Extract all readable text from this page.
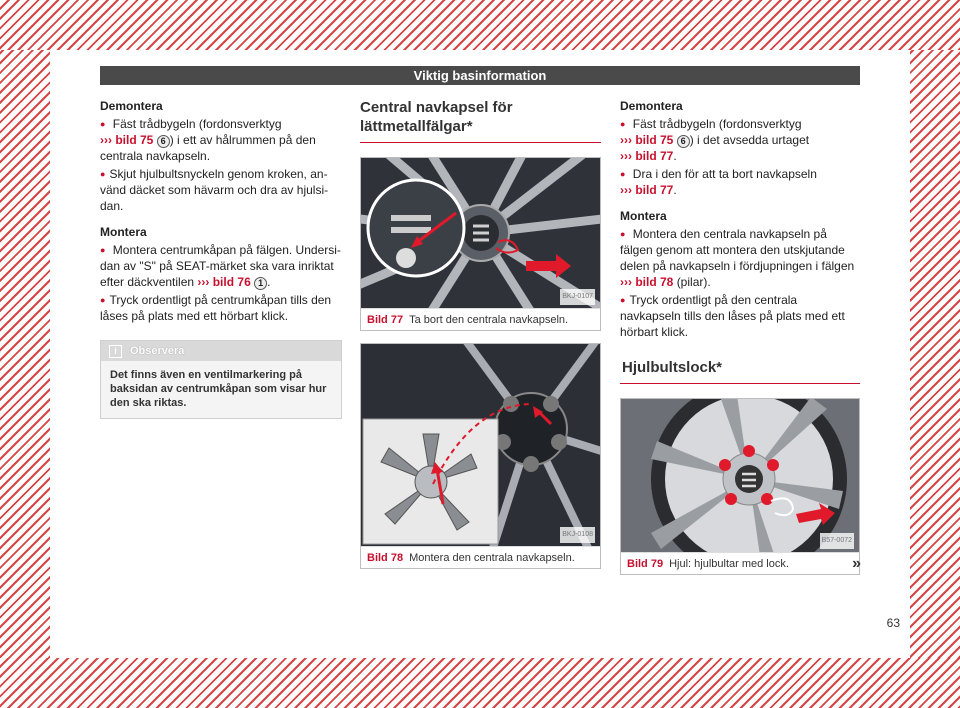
Viktig basinformation
Demontera
● Fäst trådbygeln (fordonsverktyg
››› bild 75 6 ) i ett av hålrummen på den centrala navkapseln.
● Skjut hjulbultsnyckeln genom kroken, använd däcket som hävarm och dra av hjulsidan.
Montera
● Montera centrumkåpan på fälgen. Undersidan av "S" på SEAT-märket ska vara inriktat efter däckventilen ››› bild 76 1 .
● Tryck ordentligt på centrumkåpan tills den låses på plats med ett hörbart klick.
i	Observera
Det finns även en ventilmarkering på baksidan av centrumkåpan som visar hur den ska riktas.
Central navkapsel för lättmetallfälgar*
BKJ-0107
Bild 77 Ta bort den centrala navkapseln.
BKJ-0108
Bild 78 Montera den centrala navkapseln.
Demontera
● Fäst trådbygeln (fordonsverktyg
››› bild 75 6 ) i det avsedda urtaget
››› bild 77.
● Dra i den för att ta bort navkapseln
››› bild 77.
Montera
● Montera den centrala navkapseln på fälgen genom att montera den utskjutande delen på navkapseln i fördjupningen i fälgen ››› bild 78 (pilar).
● Tryck ordentligt på den centrala navkapseln tills den låses på plats med ett hörbart klick.
Hjulbultslock*
B57-0072
Bild 79 Hjul: hjulbultar med lock.	»
63
